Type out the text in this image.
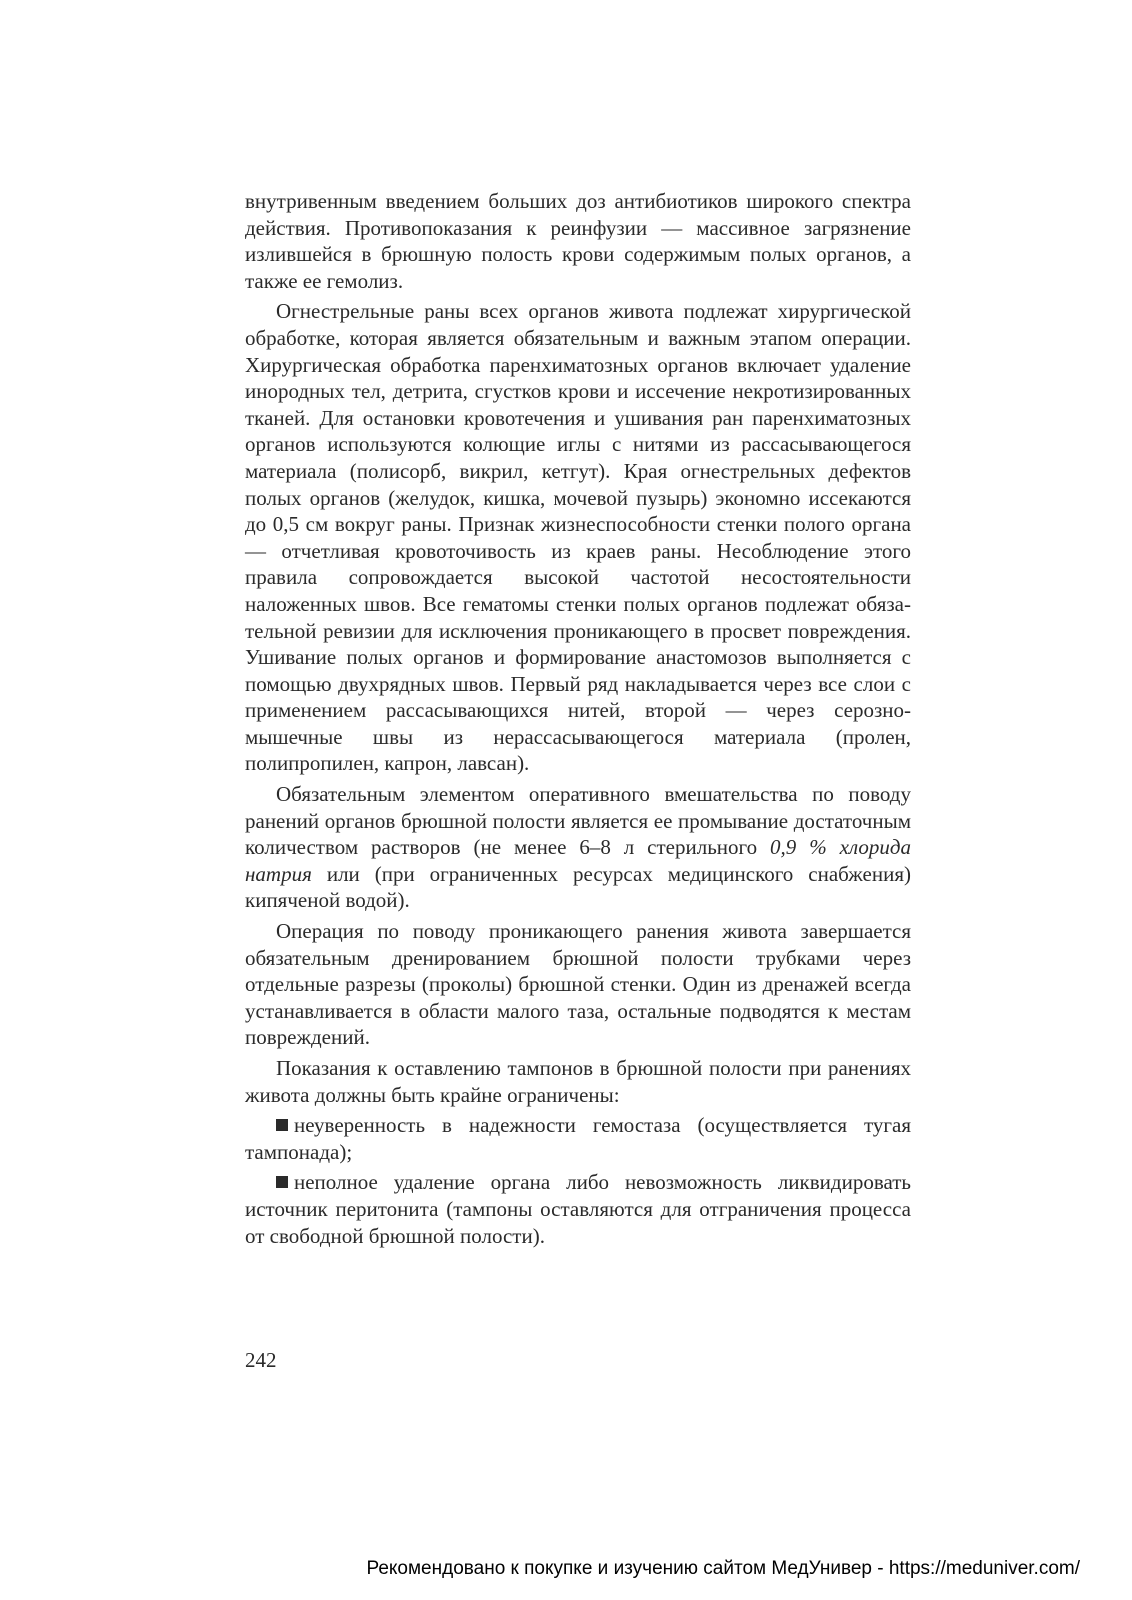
внутривенным введением больших доз антибиотиков широкого спектра действия. Противопоказания к реинфузии — массивное загрязнение излившейся в брюшную полость крови содержимым полых органов, а также ее гемолиз.

Огнестрельные раны всех органов живота подлежат хирургической обработке, которая является обязательным и важным этапом операции. Хирургическая обработка паренхиматозных органов включает удаление инородных тел, детрита, сгустков крови и иссечение некротизированных тканей. Для остановки кровотечения и ушивания ран паренхиматозных органов используются колющие иглы с нитями из рассасывающегося материала (полисорб, викрил, кетгут). Края огнестрельных дефектов полых органов (желудок, кишка, мочевой пузырь) экономно иссекаются до 0,5 см вокруг раны. Признак жизнеспособности стенки полого органа — отчетливая кровоточивость из краев раны. Несоблюдение этого правила сопровождается высокой частотой несостоятельности наложенных швов. Все гематомы стенки полых органов подлежат обязательной ревизии для исключения проникающего в просвет повреждения. Ушивание полых органов и формирование анастомозов выполняется с помощью двухрядных швов. Первый ряд накладывается через все слои с применением рассасывающихся нитей, второй — через серозно-мышечные швы из нерассасывающегося материала (пролен, полипропилен, капрон, лавсан).

Обязательным элементом оперативного вмешательства по поводу ранений органов брюшной полости является ее промывание достаточным количеством растворов (не менее 6–8 л стерильного 0,9 % хлорида натрия или (при ограниченных ресурсах медицинского снабжения) кипяченой водой).

Операция по поводу проникающего ранения живота завершается обязательным дренированием брюшной полости трубками через отдельные разрезы (проколы) брюшной стенки. Один из дренажей всегда устанавливается в области малого таза, остальные подводятся к местам повреждений.

Показания к оставлению тампонов в брюшной полости при ранениях живота должны быть крайне ограничены:

неуверенность в надежности гемостаза (осуществляется тугая тампонада);

неполное удаление органа либо невозможность ликвидировать источник перитонита (тампоны оставляются для отграничения процесса от свободной брюшной полости).

242
Рекомендовано к покупке и изучению сайтом МедУнивер - https://meduniver.com/
